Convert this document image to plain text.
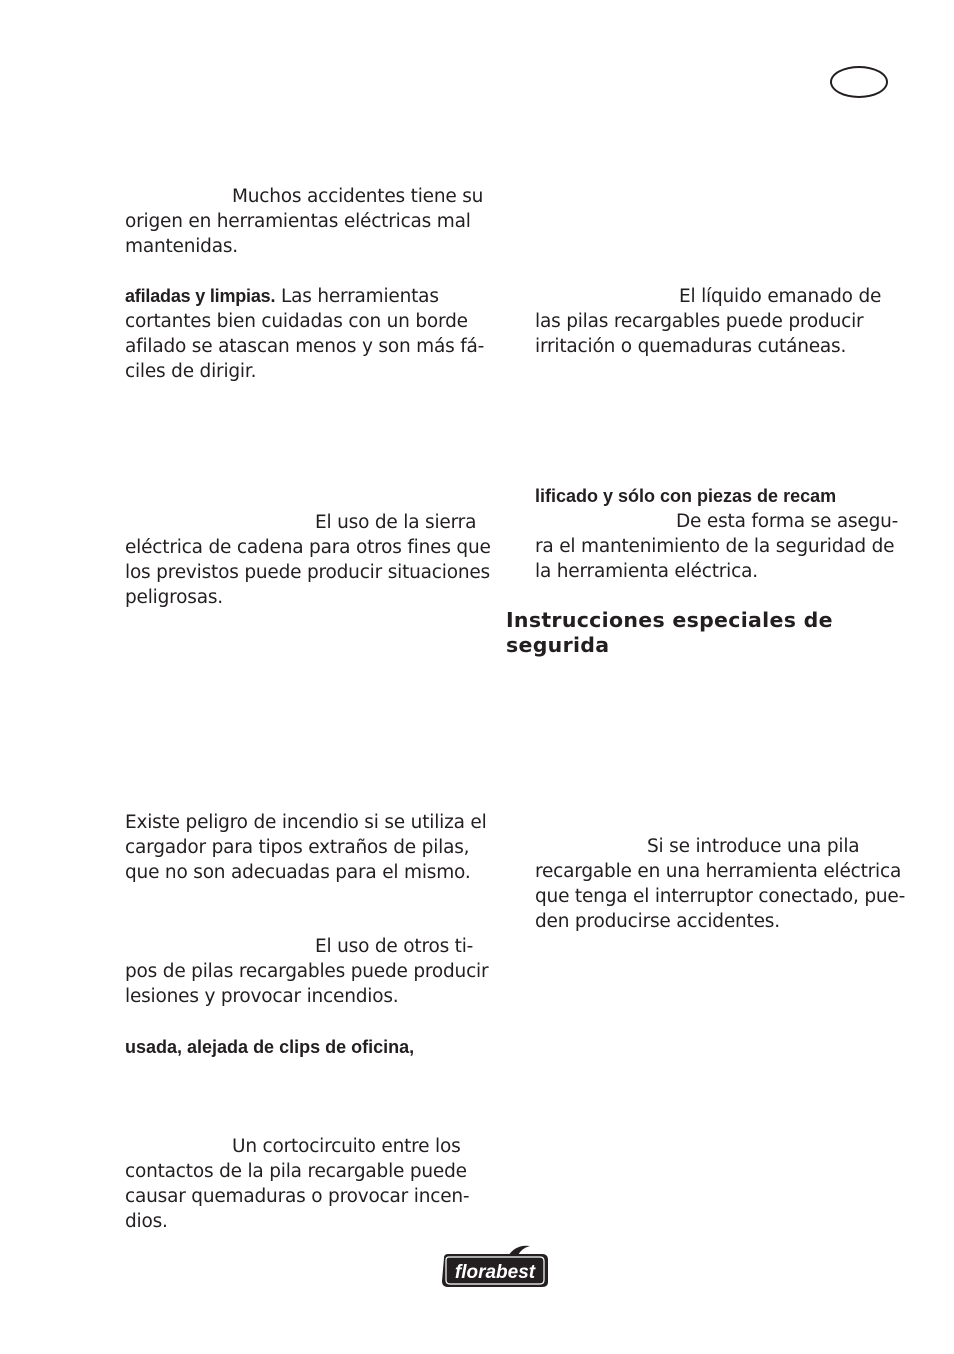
Muchos accidentes tiene su
origen en herramientas eléctricas mal
mantenidas.
afiladas y limpias. Las herramientas
cortantes bien cuidadas con un borde
afilado se atascan menos y son más fá-
ciles de dirigir.
El uso de la sierra
eléctrica de cadena para otros fines que
los previstos puede producir situaciones
peligrosas.
Existe peligro de incendio si se utiliza el
cargador para tipos extraños de pilas,
que no son adecuadas para el mismo.
El uso de otros ti-
pos de pilas recargables puede producir
lesiones y provocar incendios.
usada, alejada de clips de oficina,
Un cortocircuito entre los
contactos de la pila recargable puede
causar quemaduras o provocar incen-
dios.
El líquido emanado de
las pilas recargables puede producir
irritación o quemaduras cutáneas.
lificado y sólo con piezas de recam
De esta forma se asegu-
ra el mantenimiento de la seguridad de
la herramienta eléctrica.
Instrucciones especiales de
segurida
Si se introduce una pila
recargable en una herramienta eléctrica
que tenga el interruptor conectado, pue-
den producirse accidentes.
florabest
